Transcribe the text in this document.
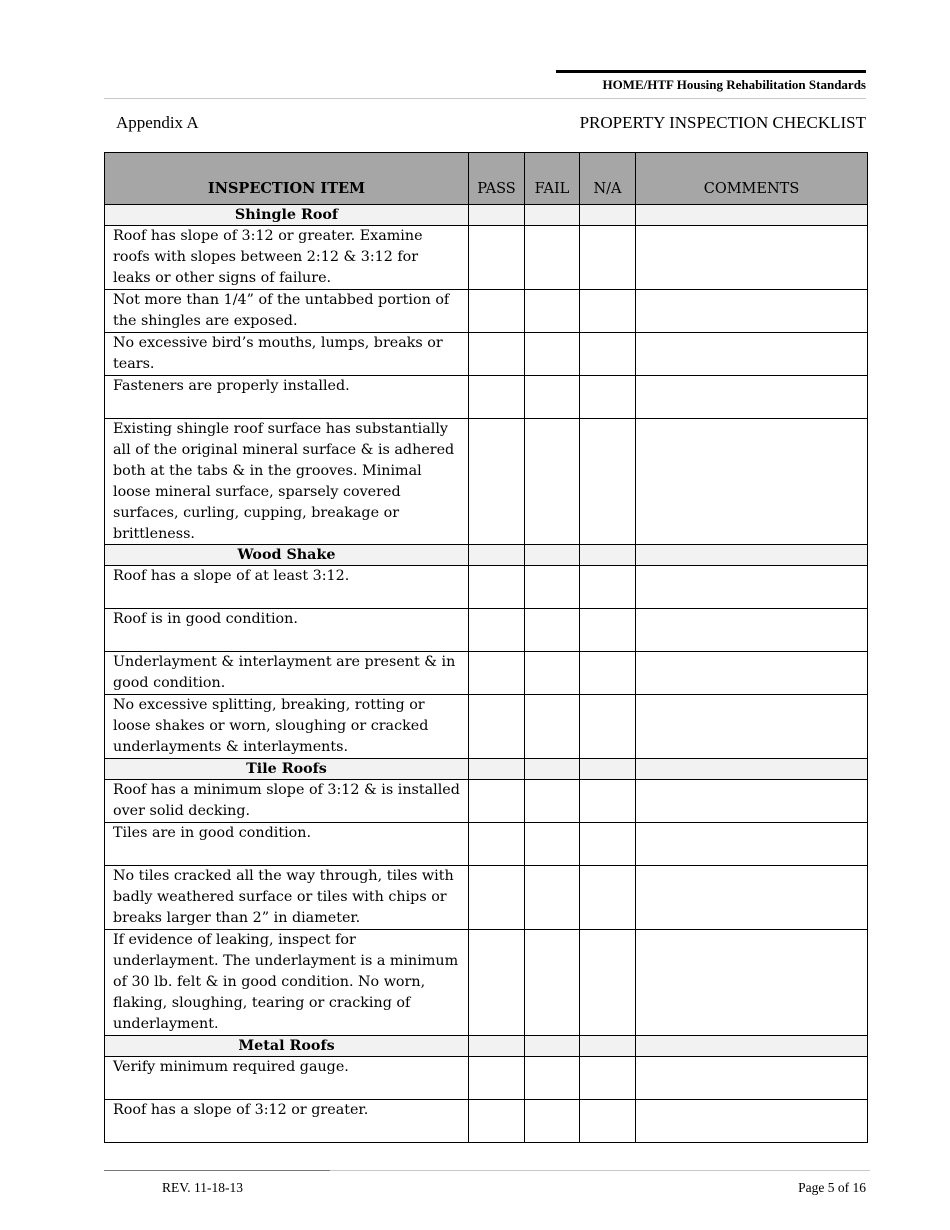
HOME/HTF Housing Rehabilitation Standards
Appendix A	PROPERTY INSPECTION CHECKLIST
INSPECTION ITEM	PASS	FAIL	N/A	COMMENTS
Shingle Roof				
Roof has slope of 3:12 or greater. Examine roofs with slopes between 2:12 & 3:12 for leaks or other signs of failure.				
Not more than 1/4” of the untabbed portion of the shingles are exposed.				
No excessive bird’s mouths, lumps, breaks or tears.				
Fasteners are properly installed.				
Existing shingle roof surface has substantially all of the original mineral surface & is adhered both at the tabs & in the grooves. Minimal loose mineral surface, sparsely covered surfaces, curling, cupping, breakage or brittleness.				
Wood Shake				
Roof has a slope of at least 3:12.				
Roof is in good condition.				
Underlayment & interlayment are present & in good condition.				
No excessive splitting, breaking, rotting or loose shakes or worn, sloughing or cracked underlayments & interlayments.				
Tile Roofs				
Roof has a minimum slope of 3:12 & is installed over solid decking.				
Tiles are in good condition.				
No tiles cracked all the way through, tiles with badly weathered surface or tiles with chips or breaks larger than 2” in diameter.				
If evidence of leaking, inspect for underlayment. The underlayment is a minimum of 30 lb. felt & in good condition. No worn, flaking, sloughing, tearing or cracking of underlayment.				
Metal Roofs				
Verify minimum required gauge.				
Roof has a slope of 3:12 or greater.				
REV. 11-18-13	Page 5 of 16
